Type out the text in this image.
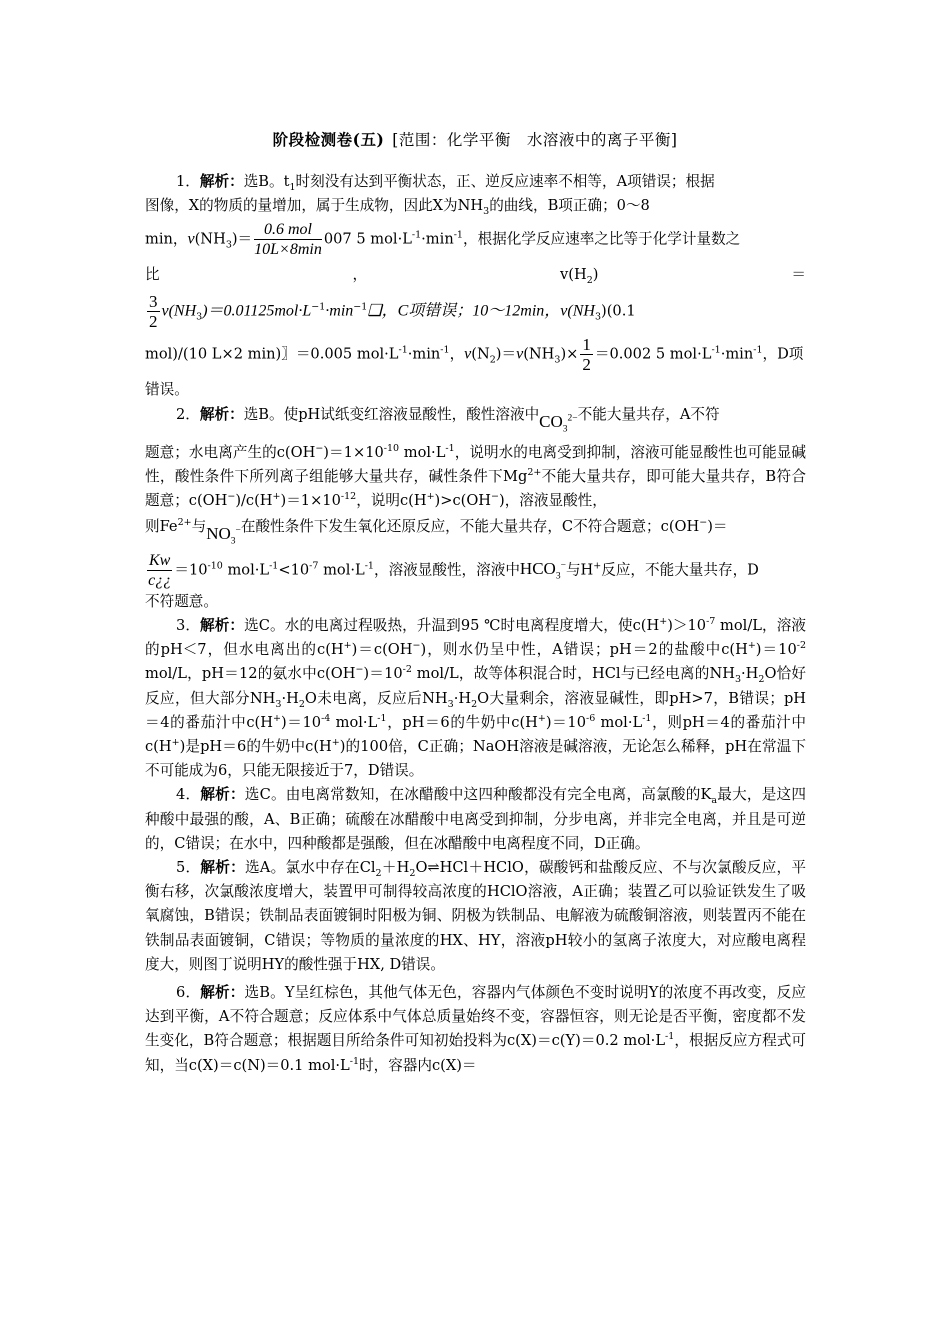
阶段检测卷(五) [范围：化学平衡　水溶液中的离子平衡]

1．解析：选B。$t_1$时刻没有达到平衡状态，正、逆反应速率不相等，A项错误；根据

图像，X的物质的量增加，属于生成物，因此X为$NH_3$的曲线，B项正确；0～8

min，$v(NH_3)= \frac{\text{0.6 mol}}{10L\times 8\min} 007$ 5 $mol\cdot L^{-1}\cdot\min^{-1}$，根据化学反应速率之比等于化学计量数之

比	，	$v(H_2)$	＝

$\frac{3}{2}$ $v(NH_3)=0.01125mol\cdot L^{-1}\cdot\min^{-1}❑$，C项错误；10～12min，$v(NH_3)(0.1$

mol)/(10 L×2 min)〗＝0.005 $mol\cdot L^{-1}\cdot\min^{-1}$，$v(N_2)=v(NH_3)\times \frac{1}{2} =0.002$ 5 $mol\cdot L^{-1}\cdot\min^{-1}$，D项

错误。

2．解析：选B。使pH试纸变红溶液显酸性，酸性溶液中$CO_3^{2-}$不能大量共存，A不符

题意；水电离产生的$c(OH^-)=1\times 10^{-10}$ $mol\cdot L^{-1}$，说明水的电离受到抑制，溶液可能显酸性也可能显碱性，酸性条件下所列离子组能够大量共存，碱性条件下$Mg^{2+}$不能大量共存，即可能大量共存，B符合题意；$c(OH^-)/c(H^+)=1\times 10^{-12}$，说明c(H+)>c(OH−)，溶液显酸性，

则$Fe^{2+}$与$NO_3^-$在酸性条件下发生氧化还原反应，不能大量共存，C不符合题意；c(OH−)＝

$\frac{Kw}{c¿¿} =10^{-10}$ $mol\cdot L^{-1}<10^{-7}$ $mol\cdot L^{-1}$，溶液显酸性，溶液中$HCO_3^-$与H+反应，不能大量共存，D

不符题意。

3．解析：选C。水的电离过程吸热，升温到95 ℃时电离程度增大，使$c(H^+)>10^{-7}$ mol/L，溶液的pH＜7，但水电离出的c(H+)＝c(OH−)，则水仍呈中性，A错误；pH＝2的盐酸中$c(H^+)=10^{-2}$ mol/L，pH＝12的氨水中$c(OH^-)=10^{-2}$ mol/L，故等体积混合时，HCl与已经电离的$NH_3\cdot H_2O$恰好反应，但大部分$NH_3\cdot H_2O$未电离，反应后$NH_3\cdot H_2O$大量剩余，溶液显碱性，即pH>7，B错误；pH＝4的番茄汁中$c(H^+)=10^{-4}$ $mol\cdot L^{-1}$，pH＝6的牛奶中$c(H^+)=10^{-6}$ $mol\cdot L^{-1}$，则pH＝4的番茄汁中c(H+)是pH＝6的牛奶中c(H+)的100倍，C正确；NaOH溶液是碱溶液，无论怎么稀释，pH在常温下不可能成为6，只能无限接近于7，D错误。

4．解析：选C。由电离常数知，在冰醋酸中这四种酸都没有完全电离，高氯酸的$K_a$最大，是这四种酸中最强的酸，A、B正确；硫酸在冰醋酸中电离受到抑制，分步电离，并非完全电离，并且是可逆的，C错误；在水中，四种酸都是强酸，但在冰醋酸中电离程度不同，D正确。

5．解析：选A。氯水中存在$Cl_2+H_2O\rightleftharpoons HCl+HClO$，碳酸钙和盐酸反应、不与次氯酸反应，平衡右移，次氯酸浓度增大，装置甲可制得较高浓度的HClO溶液，A正确；装置乙可以验证铁发生了吸氧腐蚀，B错误；铁制品表面镀铜时阳极为铜、阴极为铁制品、电解液为硫酸铜溶液，则装置丙不能在铁制品表面镀铜，C错误；等物质的量浓度的HX、HY，溶液pH较小的氢离子浓度大，对应酸电离程度大，则图丁说明HY的酸性强于HX, D错误。

6．解析：选B。Y呈红棕色，其他气体无色，容器内气体颜色不变时说明Y的浓度不再改变，反应达到平衡，A不符合题意；反应体系中气体总质量始终不变，容器恒容，则无论是否平衡，密度都不发生变化，B符合题意；根据题目所给条件可知初始投料为c(X)＝c(Y)＝0.2 $mol\cdot L^{-1}$，根据反应方程式可知，当c(X)＝c(N)＝0.1 $mol\cdot L^{-1}$时，容器内c(X)＝
